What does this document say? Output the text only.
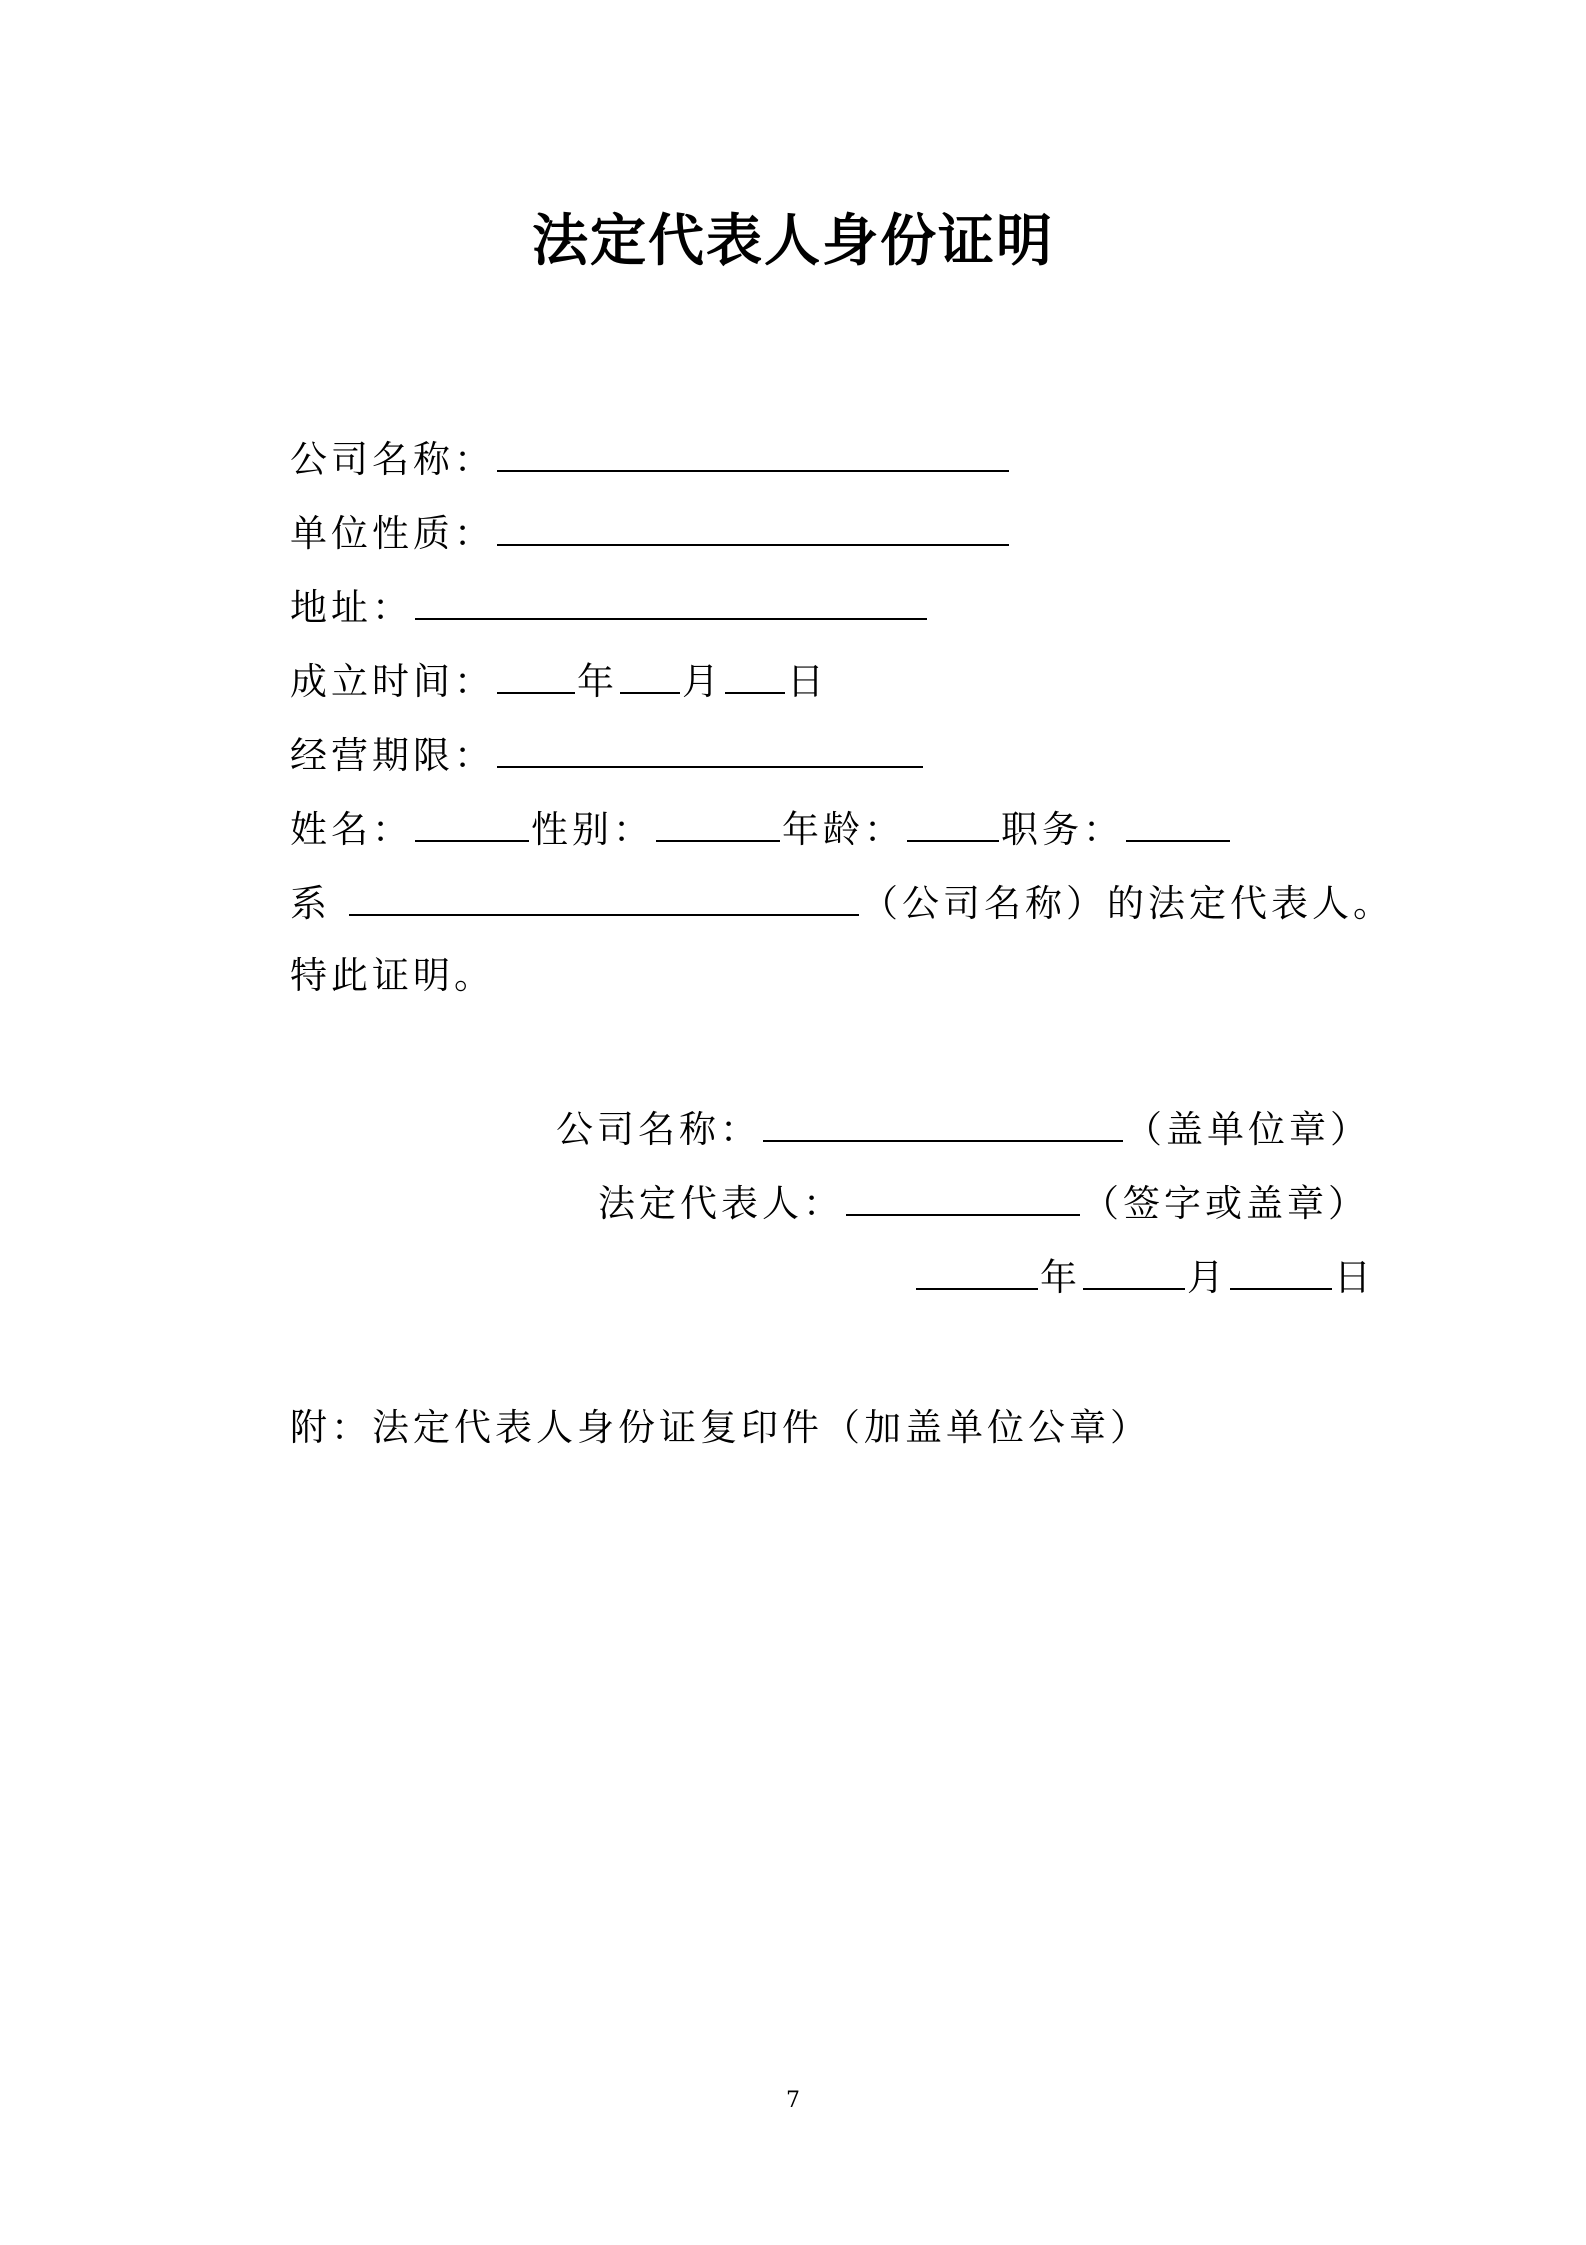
法定代表人身份证明
公司名称：
单位性质：
地址：
成立时间： 年 月 日
经营期限：
姓名：	性别：	年龄：	职务：
系	（公司名称）的法定代表人。
特此证明。
公司名称：	（盖单位章）
法定代表人：	（签字或盖章）
年	月	日
附：法定代表人身份证复印件（加盖单位公章）
7
